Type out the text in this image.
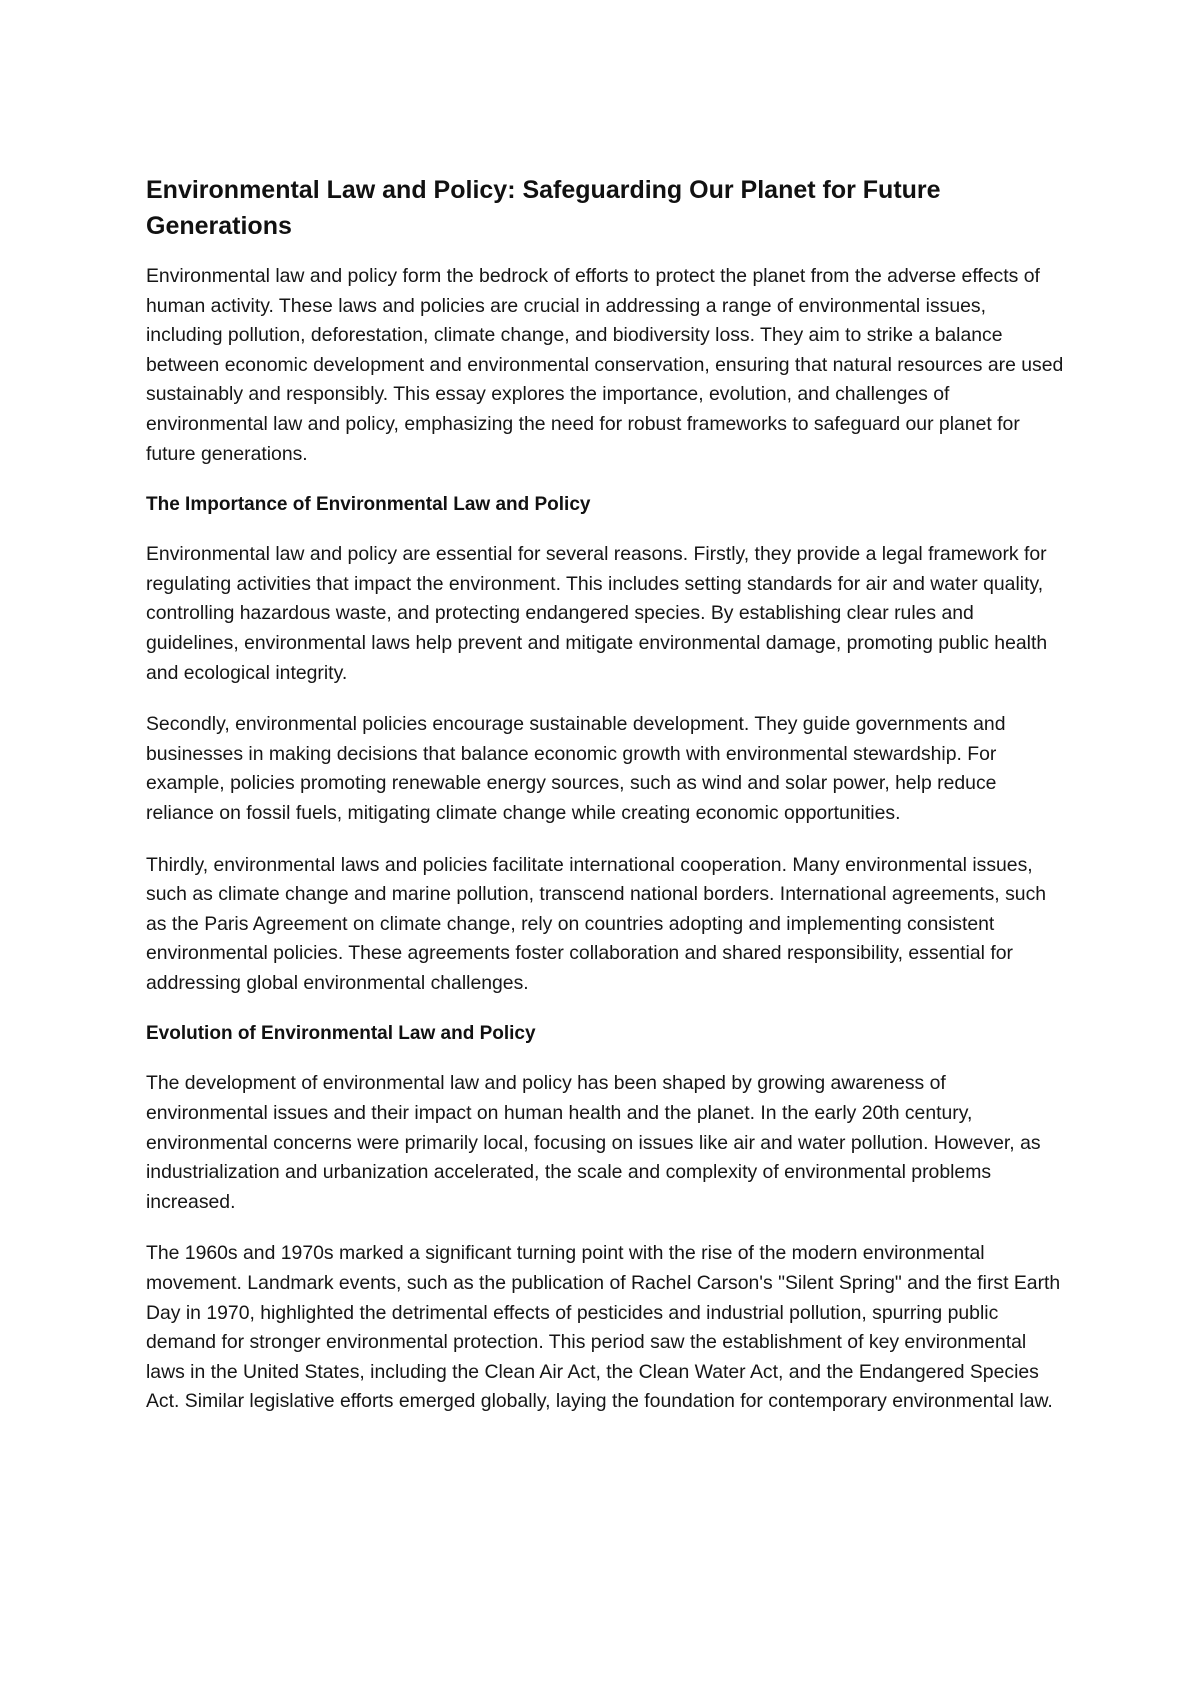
Environmental Law and Policy: Safeguarding Our Planet for Future Generations

Environmental law and policy form the bedrock of efforts to protect the planet from the adverse effects of human activity. These laws and policies are crucial in addressing a range of environmental issues, including pollution, deforestation, climate change, and biodiversity loss. They aim to strike a balance between economic development and environmental conservation, ensuring that natural resources are used sustainably and responsibly. This essay explores the importance, evolution, and challenges of environmental law and policy, emphasizing the need for robust frameworks to safeguard our planet for future generations.

The Importance of Environmental Law and Policy

Environmental law and policy are essential for several reasons. Firstly, they provide a legal framework for regulating activities that impact the environment. This includes setting standards for air and water quality, controlling hazardous waste, and protecting endangered species. By establishing clear rules and guidelines, environmental laws help prevent and mitigate environmental damage, promoting public health and ecological integrity.

Secondly, environmental policies encourage sustainable development. They guide governments and businesses in making decisions that balance economic growth with environmental stewardship. For example, policies promoting renewable energy sources, such as wind and solar power, help reduce reliance on fossil fuels, mitigating climate change while creating economic opportunities.

Thirdly, environmental laws and policies facilitate international cooperation. Many environmental issues, such as climate change and marine pollution, transcend national borders. International agreements, such as the Paris Agreement on climate change, rely on countries adopting and implementing consistent environmental policies. These agreements foster collaboration and shared responsibility, essential for addressing global environmental challenges.

Evolution of Environmental Law and Policy

The development of environmental law and policy has been shaped by growing awareness of environmental issues and their impact on human health and the planet. In the early 20th century, environmental concerns were primarily local, focusing on issues like air and water pollution. However, as industrialization and urbanization accelerated, the scale and complexity of environmental problems increased.

The 1960s and 1970s marked a significant turning point with the rise of the modern environmental movement. Landmark events, such as the publication of Rachel Carson's "Silent Spring" and the first Earth Day in 1970, highlighted the detrimental effects of pesticides and industrial pollution, spurring public demand for stronger environmental protection. This period saw the establishment of key environmental laws in the United States, including the Clean Air Act, the Clean Water Act, and the Endangered Species Act. Similar legislative efforts emerged globally, laying the foundation for contemporary environmental law.
